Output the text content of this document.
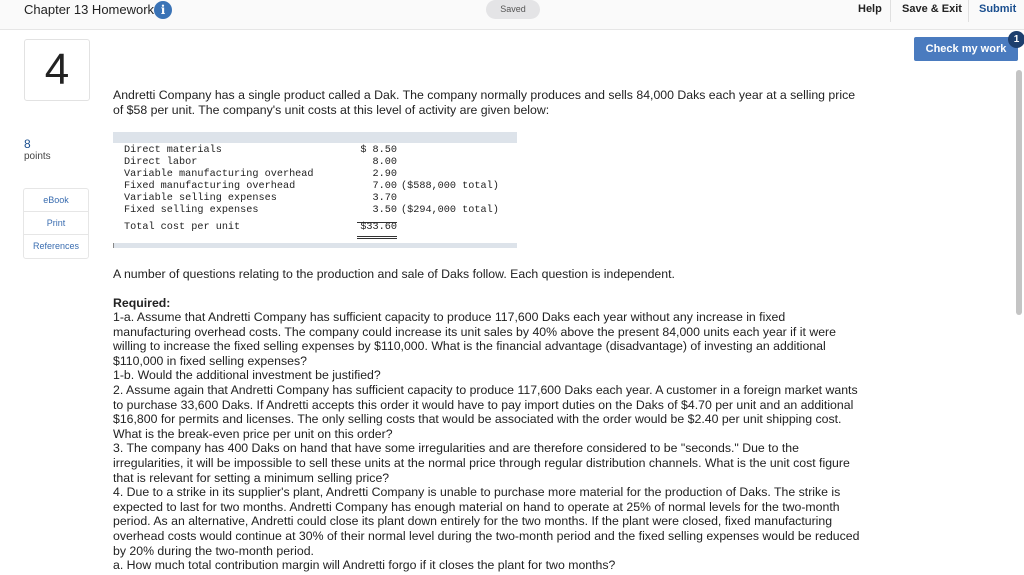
Chapter 13 Homework i	Saved	Help Save & Exit Submit
Check my work
1
4
8
points
eBook
Print
References
Andretti Company has a single product called a Dak. The company normally produces and sells 84,000 Daks each year at a selling price of $58 per unit. The company's unit costs at this level of activity are given below:
Direct materials	$ 8.50
Direct labor	8.00
Variable manufacturing overhead	2.90
Fixed manufacturing overhead	7.00 ($588,000 total)
Variable selling expenses	3.70
Fixed selling expenses	3.50 ($294,000 total)
Total cost per unit	$33.60
A number of questions relating to the production and sale of Daks follow. Each question is independent.
Required:
1-a. Assume that Andretti Company has sufficient capacity to produce 117,600 Daks each year without any increase in fixed manufacturing overhead costs. The company could increase its unit sales by 40% above the present 84,000 units each year if it were willing to increase the fixed selling expenses by $110,000. What is the financial advantage (disadvantage) of investing an additional $110,000 in fixed selling expenses?
1-b. Would the additional investment be justified?
2. Assume again that Andretti Company has sufficient capacity to produce 117,600 Daks each year. A customer in a foreign market wants to purchase 33,600 Daks. If Andretti accepts this order it would have to pay import duties on the Daks of $4.70 per unit and an additional $16,800 for permits and licenses. The only selling costs that would be associated with the order would be $2.40 per unit shipping cost. What is the break-even price per unit on this order?
3. The company has 400 Daks on hand that have some irregularities and are therefore considered to be "seconds." Due to the irregularities, it will be impossible to sell these units at the normal price through regular distribution channels. What is the unit cost figure that is relevant for setting a minimum selling price?
4. Due to a strike in its supplier's plant, Andretti Company is unable to purchase more material for the production of Daks. The strike is expected to last for two months. Andretti Company has enough material on hand to operate at 25% of normal levels for the two-month period. As an alternative, Andretti could close its plant down entirely for the two months. If the plant were closed, fixed manufacturing overhead costs would continue at 30% of their normal level during the two-month period and the fixed selling expenses would be reduced by 20% during the two-month period.
a. How much total contribution margin will Andretti forgo if it closes the plant for two months?
